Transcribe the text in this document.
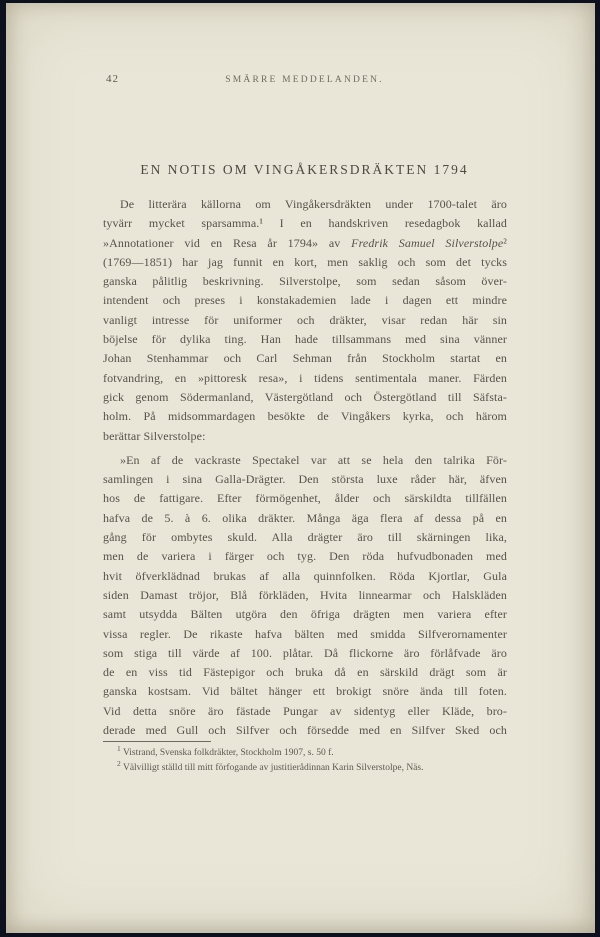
42	SMÄRRE MEDDELANDEN.
EN NOTIS OM VINGÅKERSDRÄKTEN 1794
De litterära källorna om Vingåkersdräkten under 1700-talet äro
tyvärr mycket sparsamma.¹ I en handskriven resedagbok kallad
»Annotationer vid en Resa år 1794» av Fredrik Samuel Silverstolpe²
(1769—1851) har jag funnit en kort, men saklig och som det tycks
ganska pålitlig beskrivning. Silverstolpe, som sedan såsom över-
intendent och preses i konstakademien lade i dagen ett mindre
vanligt intresse för uniformer och dräkter, visar redan här sin
böjelse för dylika ting. Han hade tillsammans med sina vänner
Johan Stenhammar och Carl Sehman från Stockholm startat en
fotvandring, en »pittoresk resa», i tidens sentimentala maner. Färden
gick genom Södermanland, Västergötland och Östergötland till Säfsta-
holm. På midsommardagen besökte de Vingåkers kyrka, och härom
berättar Silverstolpe:
»En af de vackraste Spectakel var att se hela den talrika För-
samlingen i sina Galla-Drägter. Den största luxe råder här, äfven
hos de fattigare. Efter förmögenhet, ålder och särskildta tillfällen
hafva de 5. à 6. olika dräkter. Många äga flera af dessa på en
gång för ombytes skuld. Alla drägter äro till skärningen lika,
men de variera i färger och tyg. Den röda hufvudbonaden med
hvit öfverklädnad brukas af alla quinnfolken. Röda Kjortlar, Gula
siden Damast tröjor, Blå förkläden, Hvita linnearmar och Halskläden
samt utsydda Bälten utgöra den öfriga drägten men variera efter
vissa regler. De rikaste hafva bälten med smidda Silfverornamenter
som stiga till värde af 100. plåtar. Då flickorne äro förlåfvade äro
de en viss tid Fästepigor och bruka då en särskild drägt som är
ganska kostsam. Vid bältet hänger ett brokigt snöre ända till foten.
Vid detta snöre äro fästade Pungar av sidentyg eller Kläde, bro-
derade med Gull och Silfver och försedde med en Silfver Sked och
$^1$ Vistrand, Svenska folkdräkter, Stockholm 1907, s. 50 f.
$^2$ Välvilligt ställd till mitt förfogande av justitierådinnan Karin Silverstolpe, Näs.
